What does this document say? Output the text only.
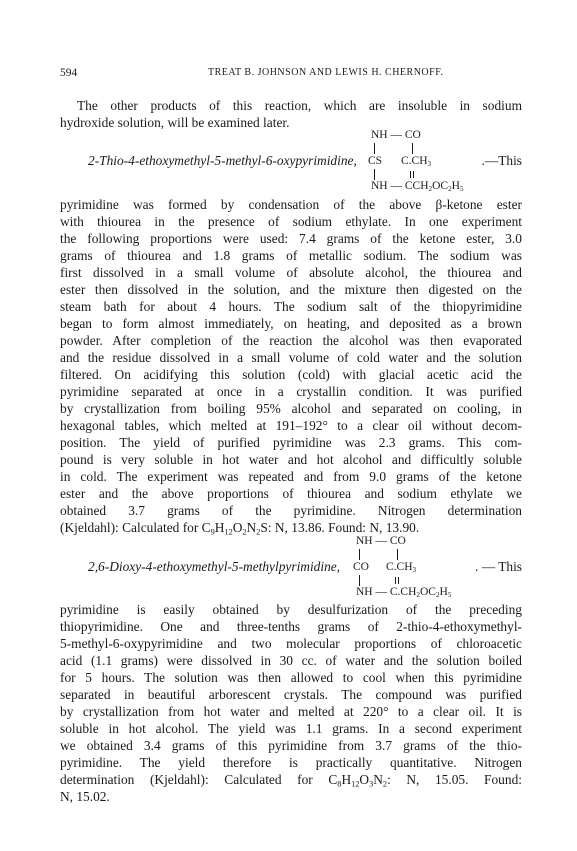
594	TREAT B. JOHNSON AND LEWIS H. CHERNOFF.
The other products of this reaction, which are insoluble in sodium
hydroxide solution, will be examined later.
NH — CO
2-Thio-4-ethoxymethyl-5-methyl-6-oxypyrimidine, CS $C.CH_3$	.—This
NH — $CCH_2OC_2H_5$
pyrimidine was formed by condensation of the above β-ketone ester
with thiourea in the presence of sodium ethylate. In one experiment
the following proportions were used: 7.4 grams of the ketone ester, 3.0
grams of thiourea and 1.8 grams of metallic sodium. The sodium was
first dissolved in a small volume of absolute alcohol, the thiourea and
ester then dissolved in the solution, and the mixture then digested on the
steam bath for about 4 hours. The sodium salt of the thiopyrimidine
began to form almost immediately, on heating, and deposited as a brown
powder. After completion of the reaction the alcohol was then evaporated
and the residue dissolved in a small volume of cold water and the solution
filtered. On acidifying this solution (cold) with glacial acetic acid the
pyrimidine separated at once in a crystallin condition. It was purified
by crystallization from boiling 95% alcohol and separated on cooling, in
hexagonal tables, which melted at 191–192° to a clear oil without decom-
position. The yield of purified pyrimidine was 2.3 grams. This com-
pound is very soluble in hot water and hot alcohol and difficultly soluble
in cold. The experiment was repeated and from 9.0 grams of the ketone
ester and the above proportions of thiourea and sodium ethylate we
obtained 3.7 grams of the pyrimidine. Nitrogen determination
(Kjeldahl): Calculated for $C_9H_{12}O_2N_2S$: N, 13.86. Found: N, 13.90.
NH — CO
2,6-Dioxy-4-ethoxymethyl-5-methylpyrimidine, CO $C.CH_3$	. — This
NH — $C.CH_2OC_2H_5$
pyrimidine is easily obtained by desulfurization of the preceding
thiopyrimidine. One and three-tenths grams of 2-thio-4-ethoxymethyl-
5-methyl-6-oxypyrimidine and two molecular proportions of chloroacetic
acid (1.1 grams) were dissolved in 30 cc. of water and the solution boiled
for 5 hours. The solution was then allowed to cool when this pyrimidine
separated in beautiful arborescent crystals. The compound was purified
by crystallization from hot water and melted at 220° to a clear oil. It is
soluble in hot alcohol. The yield was 1.1 grams. In a second experiment
we obtained 3.4 grams of this pyrimidine from 3.7 grams of the thio-
pyrimidine. The yield therefore is practically quantitative. Nitrogen
determination (Kjeldahl): Calculated for $C_8H_{12}O_3N_2$: N, 15.05. Found:
N, 15.02.
